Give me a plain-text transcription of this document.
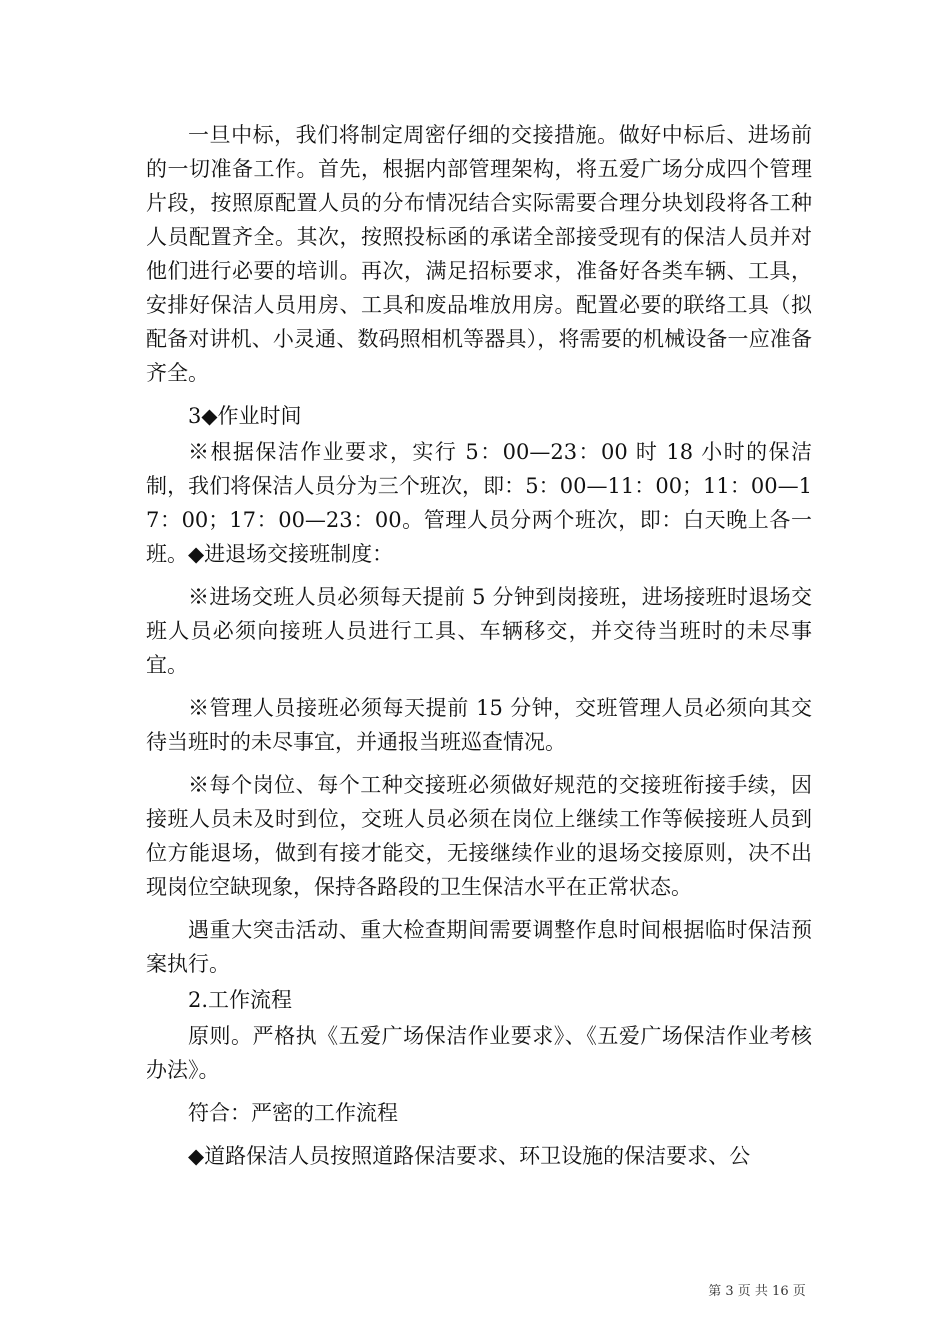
一旦中标，我们将制定周密仔细的交接措施。做好中标后、进场前的一切准备工作。首先，根据内部管理架构，将五爱广场分成四个管理片段，按照原配置人员的分布情况结合实际需要合理分块划段将各工种人员配置齐全。其次，按照投标函的承诺全部接受现有的保洁人员并对他们进行必要的培训。再次，满足招标要求，准备好各类车辆、工具，安排好保洁人员用房、工具和废品堆放用房。配置必要的联络工具（拟配备对讲机、小灵通、数码照相机等器具），将需要的机械设备一应准备齐全。

3◆作业时间

※根据保洁作业要求，实行 5：00—23：00 时 18 小时的保洁制，我们将保洁人员分为三个班次，即：5：00—11：00；11：00—17：00；17：00—23：00。管理人员分两个班次，即：白天晚上各一班。◆进退场交接班制度：

※进场交班人员必须每天提前 5 分钟到岗接班，进场接班时退场交班人员必须向接班人员进行工具、车辆移交，并交待当班时的未尽事宜。

※管理人员接班必须每天提前 15 分钟，交班管理人员必须向其交待当班时的未尽事宜，并通报当班巡查情况。

※每个岗位、每个工种交接班必须做好规范的交接班衔接手续，因接班人员未及时到位，交班人员必须在岗位上继续工作等候接班人员到位方能退场，做到有接才能交，无接继续作业的退场交接原则，决不出现岗位空缺现象，保持各路段的卫生保洁水平在正常状态。

遇重大突击活动、重大检查期间需要调整作息时间根据临时保洁预案执行。

2.工作流程

原则。严格执《五爱广场保洁作业要求》、《五爱广场保洁作业考核办法》。

符合：严密的工作流程

◆道路保洁人员按照道路保洁要求、环卫设施的保洁要求、公

第 3 页 共 16 页
